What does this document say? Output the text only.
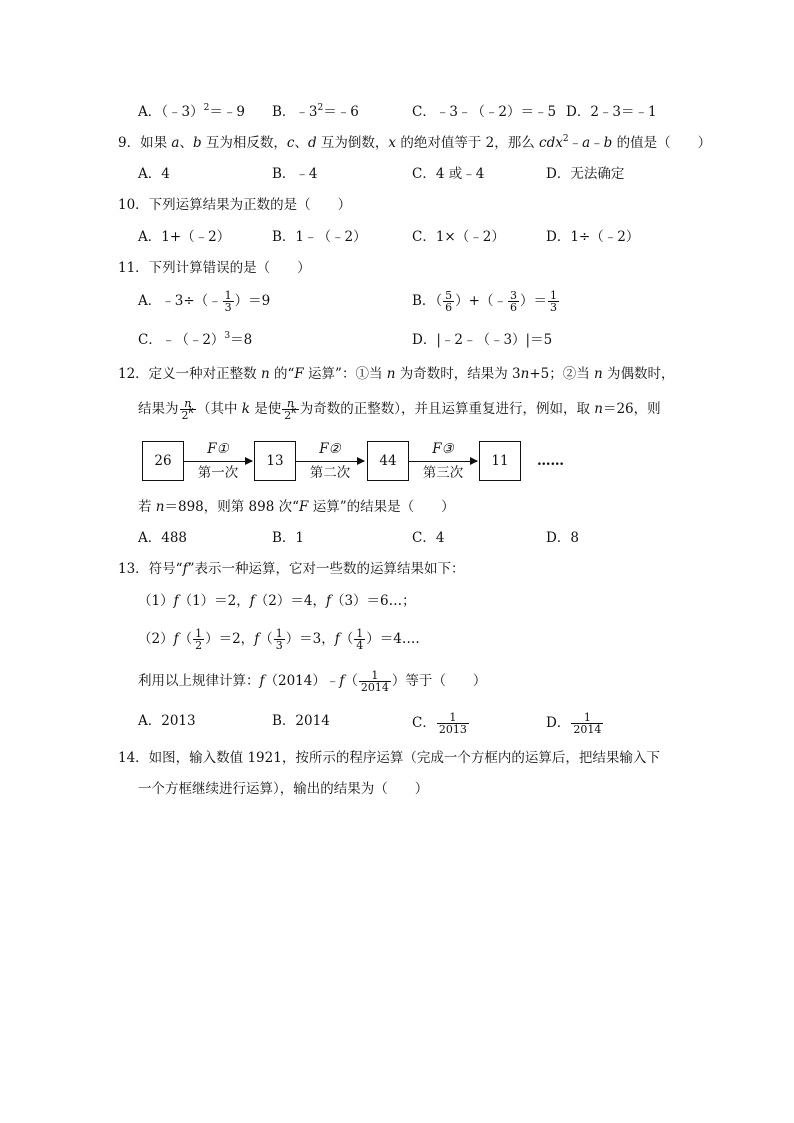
A．（﹣3）$^2$＝﹣9 B．$﹣3^2=﹣6$	C．﹣3﹣（﹣2）＝﹣5 D．2﹣3＝﹣1
9．如果 a、b 互为相反数，c、d 互为倒数，x 的绝对值等于 2，那么 cdx$^2$﹣a﹣b 的值是（　　）
A．4	B．﹣4	C．4 或﹣4	D．无法确定
10．下列运算结果为正数的是（　　）
A．1+（﹣2）	B．1﹣（﹣2）	C．1×（﹣2）	D．1÷（﹣2）
11．下列计算错误的是（　　）
A．﹣3÷（﹣ $\frac{1}{3} )=9$	B．（ $\frac{5}{6}$ ）+（﹣ $\frac{3}{6}$ ）＝ $\frac{1}{3}$
C．﹣（﹣2）$^3$＝8	D．|﹣2﹣（﹣3）|＝5
12．定义一种对正整数 n 的“F 运算”：①当 n 为奇数时，结果为 3n+5；②当 n 为偶数时，
结果为 $\frac{n}{2^k}$ （其中 k 是使 $\frac{n}{2^k}$ 为奇数的正整数），并且运算重复进行，例如，取 n＝26，则
26
F①
第一次
13
F②
第二次
44
F③
第三次
11	……
若 n＝898，则第 898 次“F 运算”的结果是（　　）
A．488	B．1	C．4	D．8
13．符号“f”表示一种运算，它对一些数的运算结果如下：
（1）f（1）＝2，f（2）＝4，f（3）＝6…；
$(2)f( \frac{1}{2} )=2$，$f( \frac{1}{3} )=3$，$f( \frac{1}{4}$ ）＝4….
利用以上规律计算：f（2014）﹣f（ $\frac{1}{2014}$ ）等于（　　）
A．2013	B．2014	C． $\frac{1}{2013}$	D． $\frac{1}{2014}$
14．如图，输入数值 1921，按所示的程序运算（完成一个方框内的运算后，把结果输入下
一个方框继续进行运算），输出的结果为（　　）
